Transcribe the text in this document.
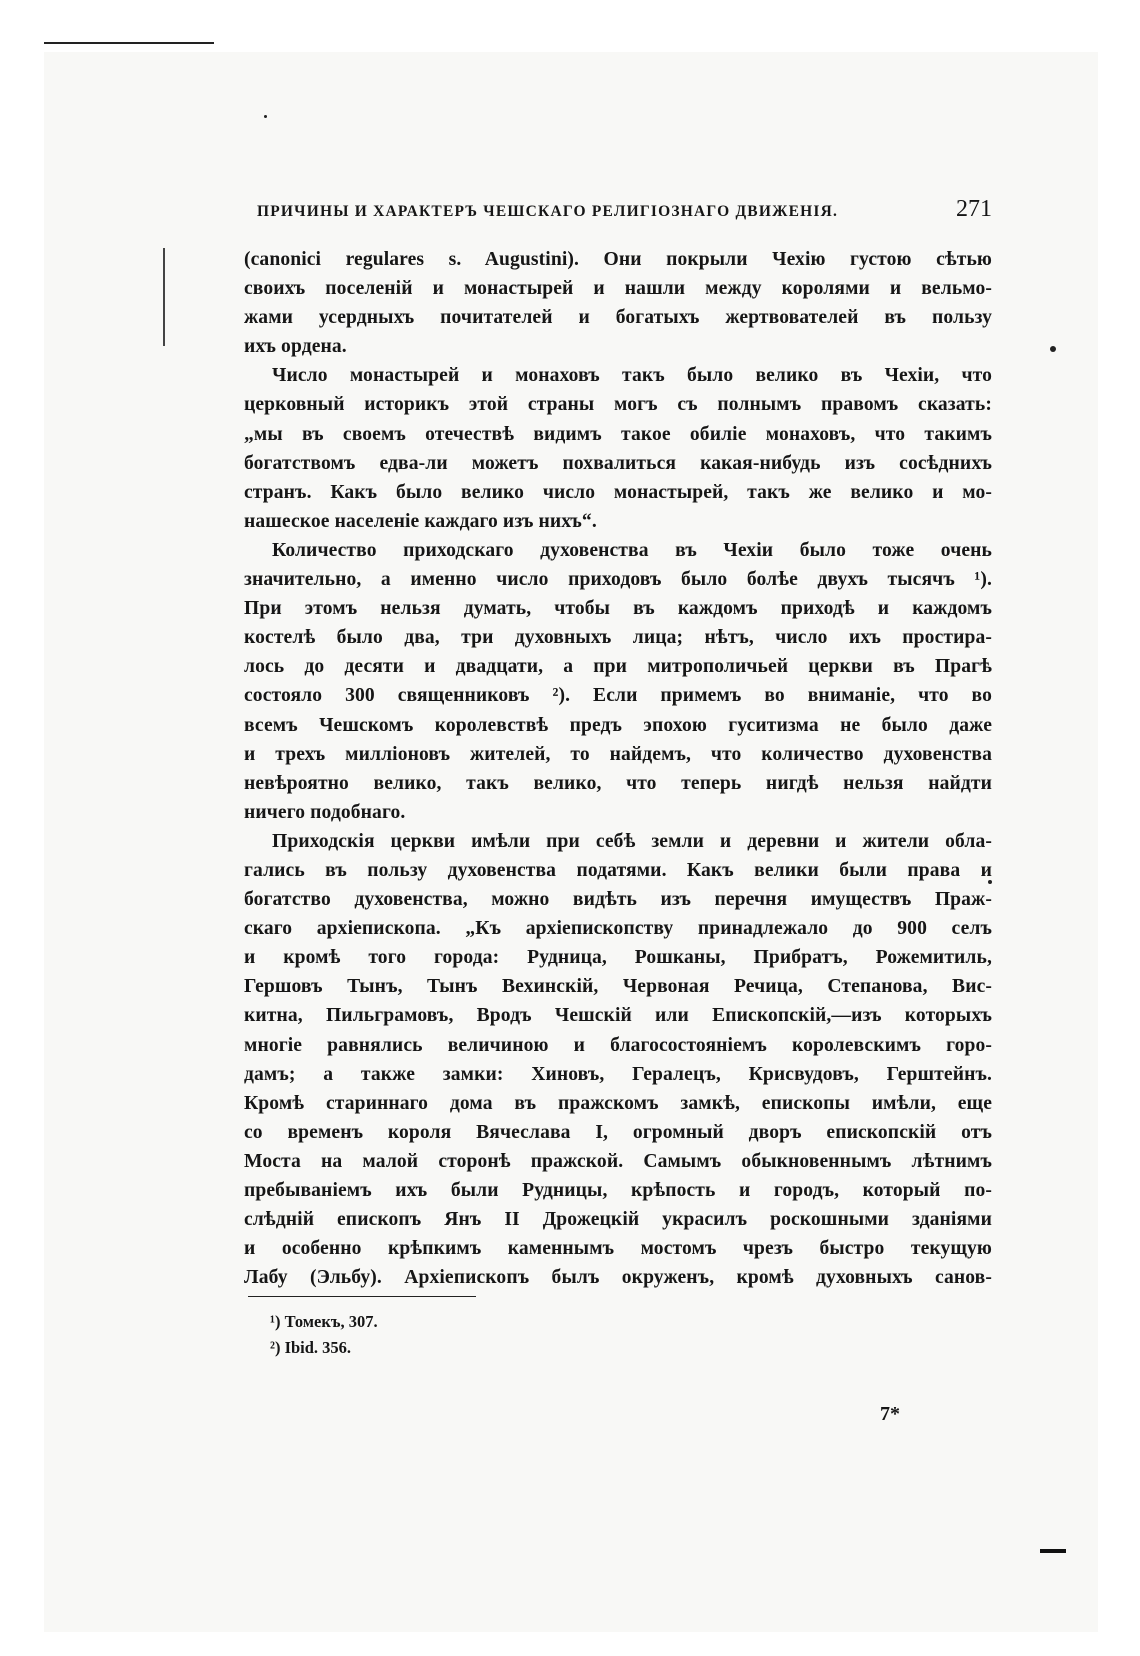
ПРИЧИНЫ И ХАРАКТЕРЪ ЧЕШСКАГО РЕЛИГІОЗНАГО ДВИЖЕНІЯ.	271
(canonici regulares s. Augustini). Они покрыли Чехію густою сѣтью
своихъ поселеній и монастырей и нашли между королями и вельмо-
жами усердныхъ почитателей и богатыхъ жертвователей въ пользу
ихъ ордена.
Число монастырей и монаховъ такъ было велико въ Чехіи, что
церковный историкъ этой страны могъ съ полнымъ правомъ сказать:
„мы въ своемъ отечествѣ видимъ такое обиліе монаховъ, что такимъ
богатствомъ едва-ли можетъ похвалиться какая-нибудь изъ сосѣднихъ
странъ. Какъ было велико число монастырей, такъ же велико и мо-
нашеское населеніе каждаго изъ нихъ“.
Количество приходскаго духовенства въ Чехіи было тоже очень
значительно, а именно число приходовъ было болѣе двухъ тысячъ ¹).
При этомъ нельзя думать, чтобы въ каждомъ приходѣ и каждомъ
костелѣ было два, три духовныхъ лица; нѣтъ, число ихъ простира-
лось до десяти и двадцати, а при митрополичьей церкви въ Прагѣ
состояло 300 священниковъ ²). Если примемъ во вниманіе, что во
всемъ Чешскомъ королевствѣ предъ эпохою гуситизма не было даже
и трехъ милліоновъ жителей, то найдемъ, что количество духовенства
невѣроятно велико, такъ велико, что теперь нигдѣ нельзя найдти
ничего подобнаго.
Приходскія церкви имѣли при себѣ земли и деревни и жители обла-
гались въ пользу духовенства податями. Какъ велики были права и
богатство духовенства, можно видѣть изъ перечня имуществъ Праж-
скаго архіепископа. „Къ архіепископству принадлежало до 900 селъ
и кромѣ того города: Рудница, Рошканы, Прибратъ, Рожемитиль,
Гершовъ Тынъ, Тынъ Вехинскій, Червоная Речица, Степанова, Вис-
китна, Пильграмовъ, Вродъ Чешскій или Епископскій,—изъ которыхъ
многіе равнялись величиною и благосостояніемъ королевскимъ горо-
дамъ; а также замки: Хиновъ, Гералецъ, Крисвудовъ, Герштейнъ.
Кромѣ стариннаго дома въ пражскомъ замкѣ, епископы имѣли, еще
со временъ короля Вячеслава I, огромный дворъ епископскій отъ
Моста на малой сторонѣ пражской. Самымъ обыкновеннымъ лѣтнимъ
пребываніемъ ихъ были Рудницы, крѣпость и городъ, который по-
слѣдній епископъ Янъ II Дрожецкій украсилъ роскошными зданіями
и особенно крѣпкимъ каменнымъ мостомъ чрезъ быстро текущую
Лабу (Эльбу). Архіепископъ былъ окруженъ, кромѣ духовныхъ санов-
¹) Томекъ, 307.
²) Ibid. 356.
7*
